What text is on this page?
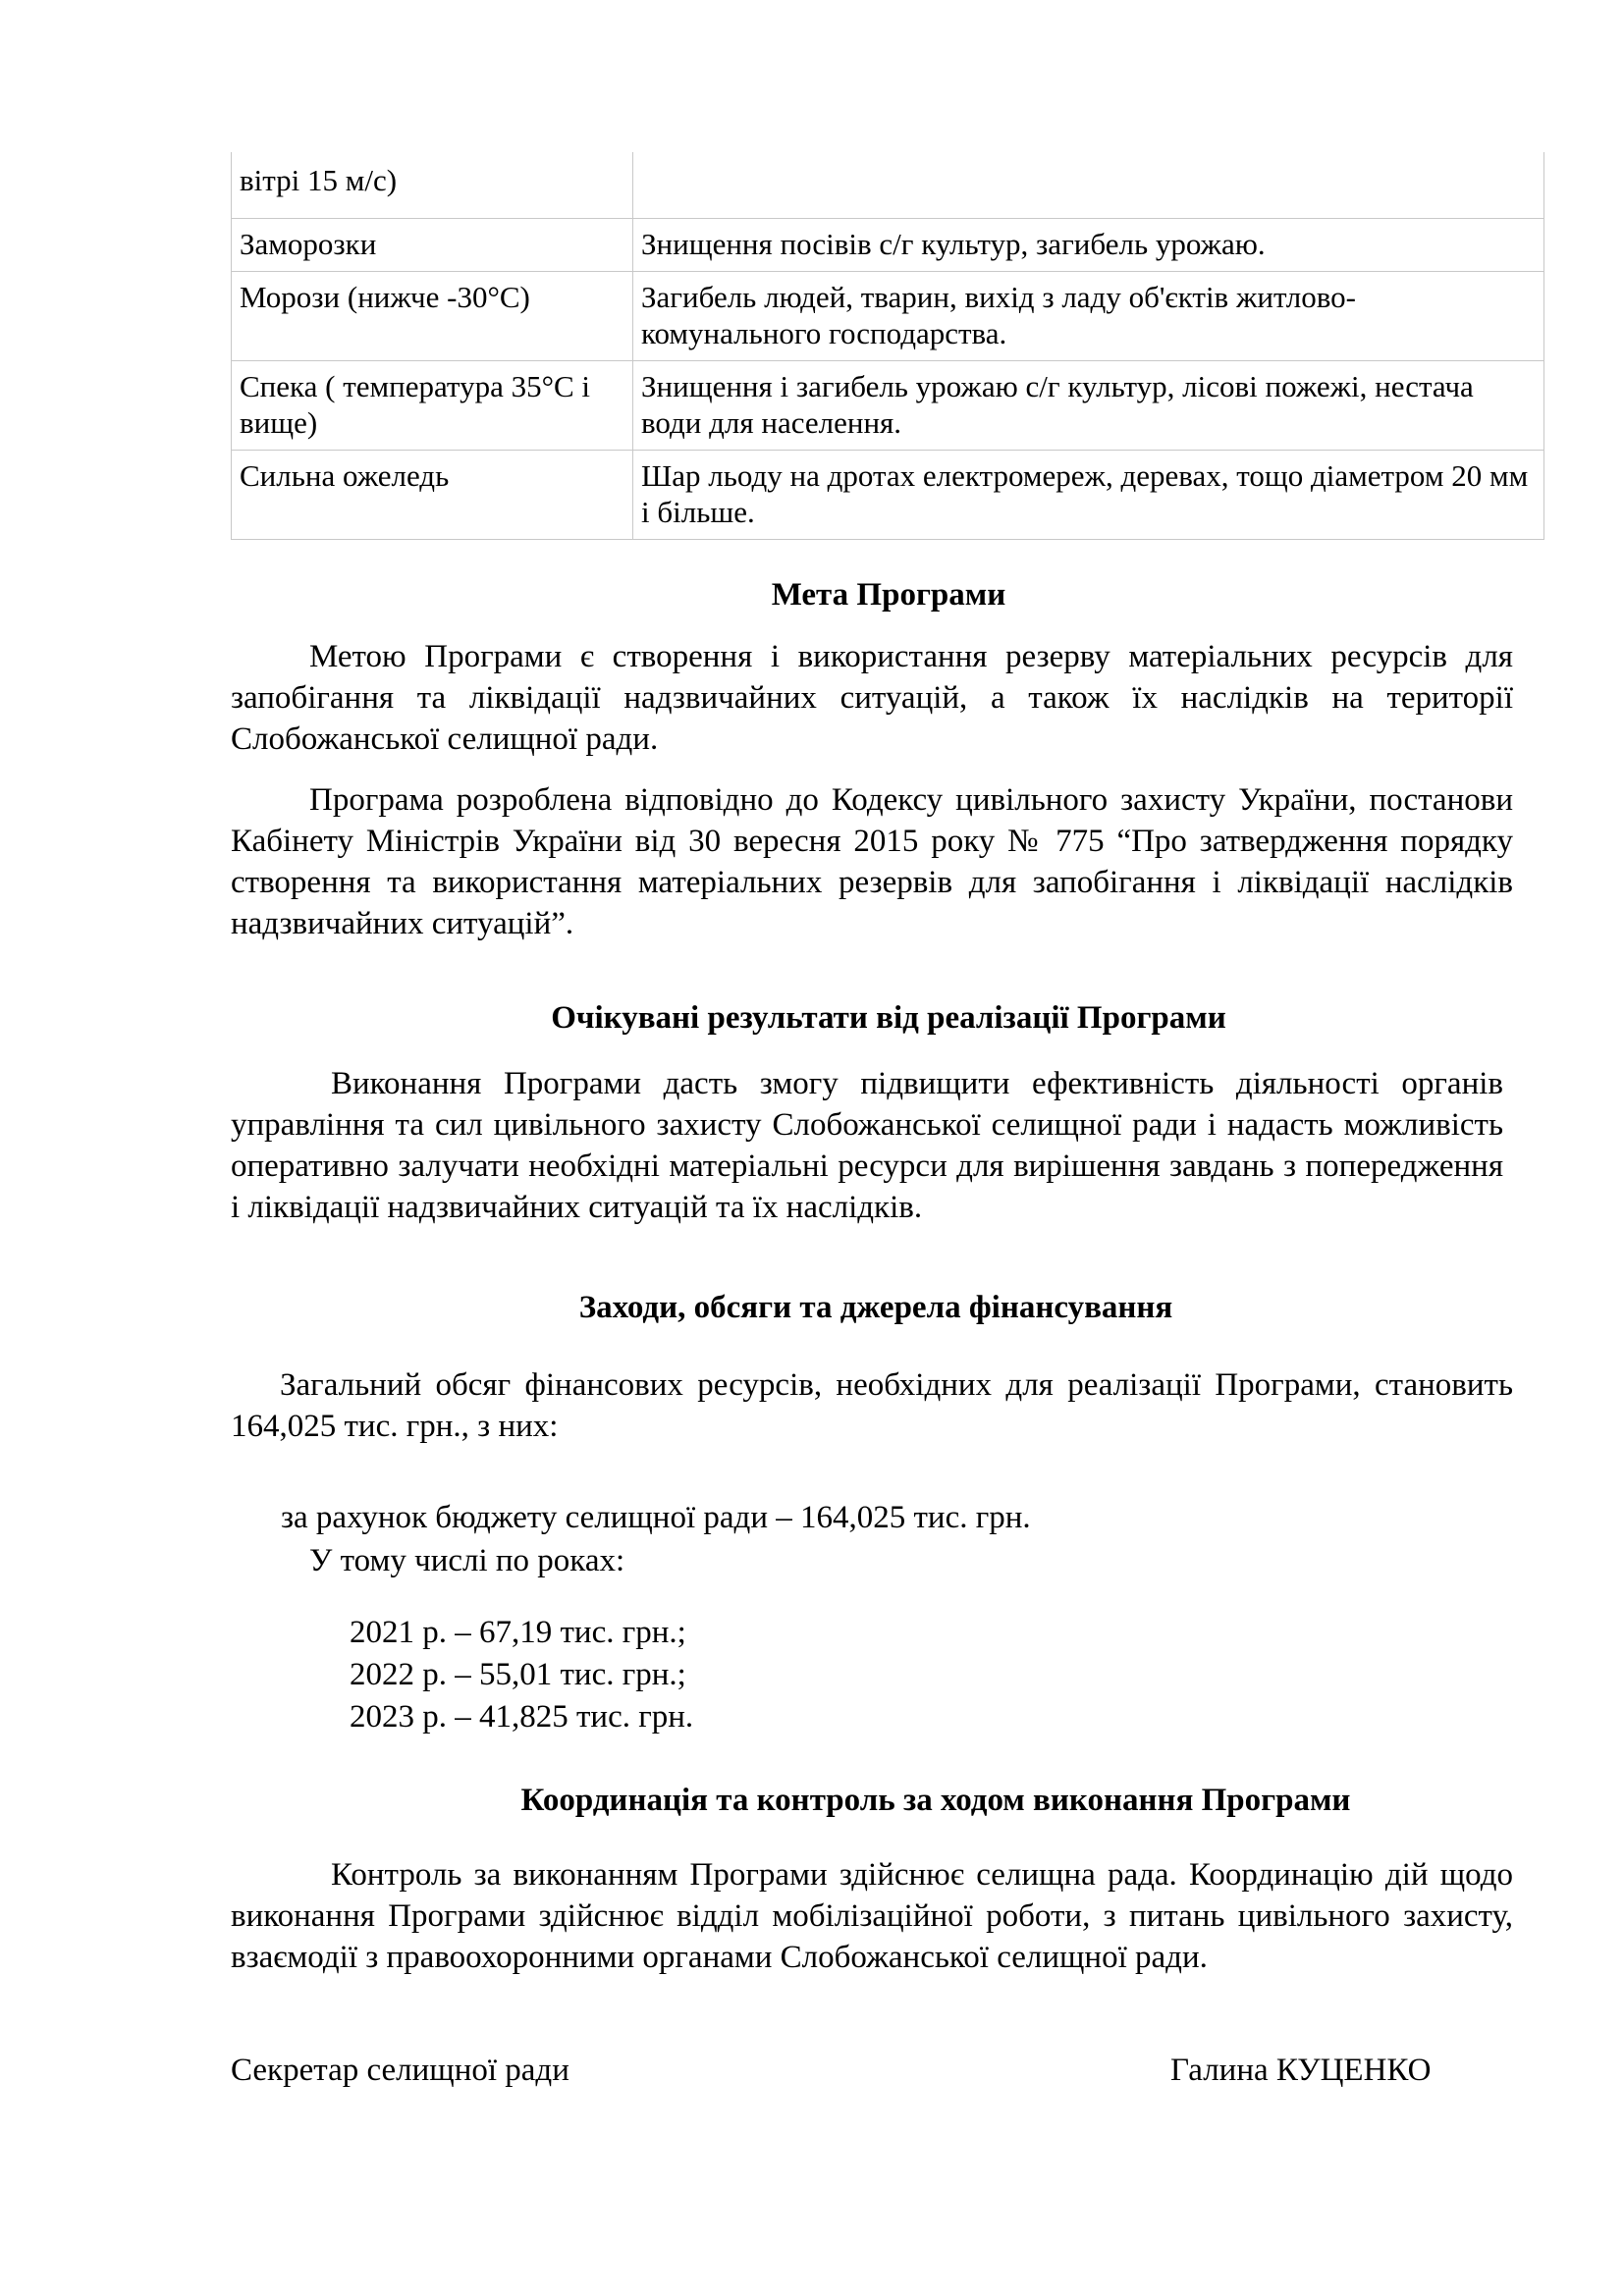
вітрі 15 м/с)	
Заморозки	Знищення посівів с/г культур, загибель урожаю.
Морози (нижче -30°С)	Загибель людей, тварин, вихід з ладу об'єктів житлово-комунального господарства.
Спека ( температура 35°С і вище)	Знищення і загибель урожаю с/г культур, лісові пожежі, нестача води для населення.
Сильна ожеледь	Шар льоду на дротах електромереж, деревах, тощо діаметром 20 мм і більше.
Мета Програми

Метою Програми є створення і використання резерву матеріальних ресурсів для запобігання та ліквідації надзвичайних ситуацій, а також їх наслідків на території Слобожанської селищної ради.

Програма розроблена відповідно до Кодексу цивільного захисту України, постанови Кабінету Міністрів України від 30 вересня 2015 року № 775 “Про затвердження порядку створення та використання матеріальних резервів для запобігання і ліквідації наслідків надзвичайних ситуацій”.

Очікувані результати від реалізації Програми

Виконання Програми дасть змогу підвищити ефективність діяльності органів управління та сил цивільного захисту Слобожанської селищної ради і надасть можливість оперативно залучати необхідні матеріальні ресурси для вирішення завдань з попередження і ліквідації надзвичайних ситуацій та їх наслідків.

Заходи, обсяги та джерела фінансування

Загальний обсяг фінансових ресурсів, необхідних для реалізації Програми, становить 164,025 тис. грн., з них:

за рахунок бюджету селищної ради – 164,025 тис. грн.

У тому числі по роках:

2021 р. – 67,19 тис. грн.;

2022 р. – 55,01 тис. грн.;

2023 р. – 41,825 тис. грн.

Координація та контроль за ходом виконання Програми

Контроль за виконанням Програми здійснює селищна рада. Координацію дій щодо виконання Програми здійснює відділ мобілізаційної роботи, з питань цивільного захисту, взаємодії з правоохоронними органами Слобожанської селищної ради.

Секретар селищної ради	Галина КУЦЕНКО
